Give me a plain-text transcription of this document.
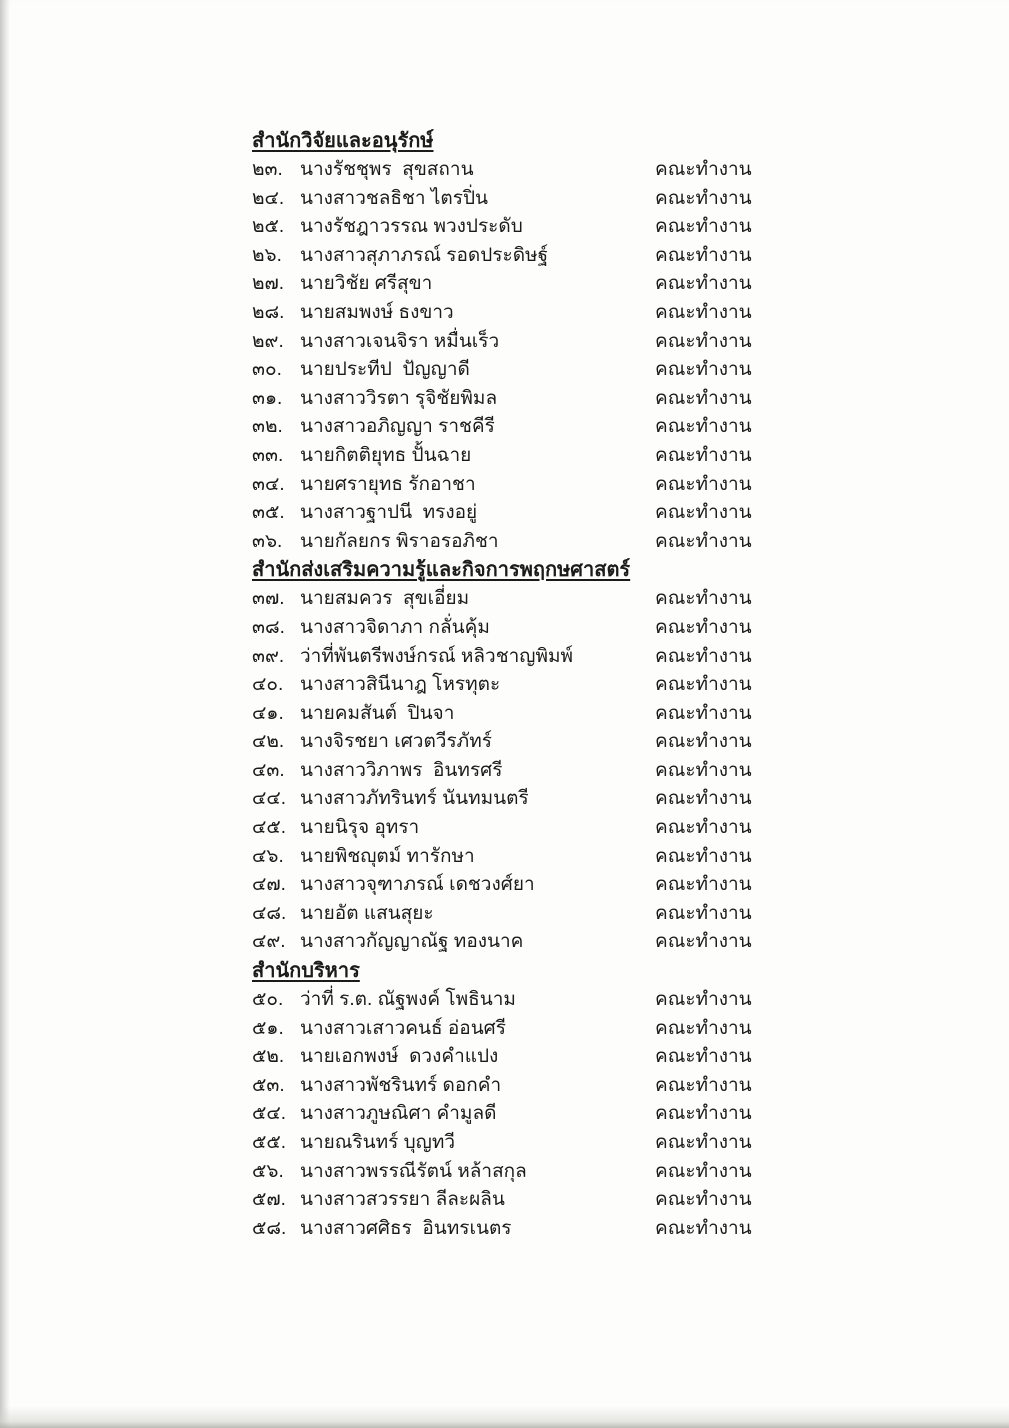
สำนักวิจัยและอนุรักษ์
๒๓. นางรัชชุพร  สุขสถาน	คณะทำงาน
๒๔. นางสาวชลธิชา ไตรปิ่น	คณะทำงาน
๒๕. นางรัชฎาวรรณ พวงประดับ	คณะทำงาน
๒๖. นางสาวสุภาภรณ์ รอดประดิษฐ์	คณะทำงาน
๒๗. นายวิชัย ศรีสุขา	คณะทำงาน
๒๘. นายสมพงษ์ ธงขาว	คณะทำงาน
๒๙. นางสาวเจนจิรา หมื่นเร็ว	คณะทำงาน
๓๐. นายประทีป  ปัญญาดี	คณะทำงาน
๓๑. นางสาววิรตา รุจิชัยพิมล	คณะทำงาน
๓๒. นางสาวอภิญญา ราชคีรี	คณะทำงาน
๓๓. นายกิตติยุทธ ปั้นฉาย	คณะทำงาน
๓๔. นายศรายุทธ รักอาชา	คณะทำงาน
๓๕. นางสาวฐาปนี  ทรงอยู่	คณะทำงาน
๓๖. นายกัลยกร พิราอรอภิชา	คณะทำงาน
สำนักส่งเสริมความรู้และกิจการพฤกษศาสตร์
๓๗. นายสมควร  สุขเอี่ยม	คณะทำงาน
๓๘. นางสาวจิดาภา กลั่นคุ้ม	คณะทำงาน
๓๙. ว่าที่พันตรีพงษ์กรณ์ หลิวชาญพิมพ์	คณะทำงาน
๔๐. นางสาวสินีนาฎ โหรทุตะ	คณะทำงาน
๔๑. นายคมสันต์  ปินจา	คณะทำงาน
๔๒. นางจิรชยา เศวตวีรภัทร์	คณะทำงาน
๔๓. นางสาววิภาพร  อินทรศรี	คณะทำงาน
๔๔. นางสาวภัทรินทร์ นันทมนตรี	คณะทำงาน
๔๕. นายนิรุจ อุทรา	คณะทำงาน
๔๖. นายพิชญุตม์ ทารักษา	คณะทำงาน
๔๗. นางสาวจุฑาภรณ์ เดชวงศ์ยา	คณะทำงาน
๔๘. นายอัต แสนสุยะ	คณะทำงาน
๔๙. นางสาวกัญญาณัฐ ทองนาค	คณะทำงาน
สำนักบริหาร
๕๐. ว่าที่ ร.ต. ณัฐพงค์ โพธินาม	คณะทำงาน
๕๑. นางสาวเสาวคนธ์ อ่อนศรี	คณะทำงาน
๕๒. นายเอกพงษ์  ดวงคำแปง	คณะทำงาน
๕๓. นางสาวพัชรินทร์ ดอกคำ	คณะทำงาน
๕๔. นางสาวภูษณิศา คำมูลดี	คณะทำงาน
๕๕. นายณรินทร์ บุญทวี	คณะทำงาน
๕๖. นางสาวพรรณีรัตน์ หล้าสกุล	คณะทำงาน
๕๗. นางสาวสวรรยา ลีละผลิน	คณะทำงาน
๕๘. นางสาวศศิธร  อินทรเนตร	คณะทำงาน
